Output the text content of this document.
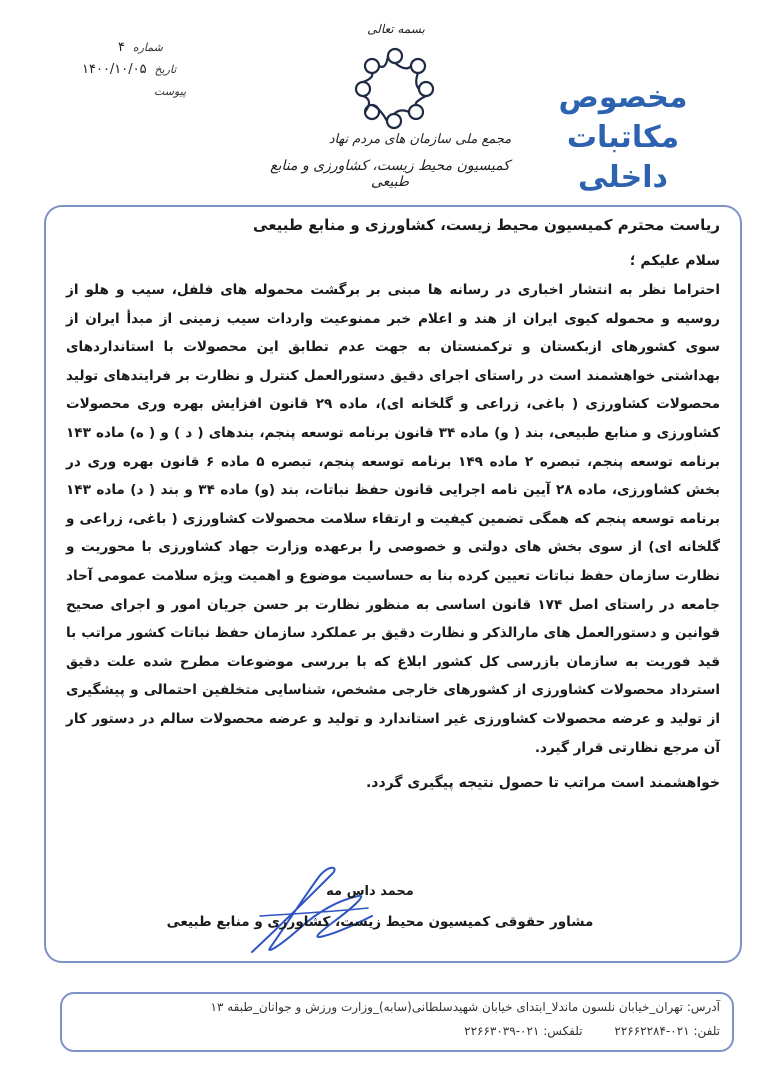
شماره ۴
تاریخ ۱۴۰۰/۱۰/۰۵
پیوست
بسمه تعالی
مجمع ملی سازمان های مردم نهاد
کمیسیون محیط زیست، کشاورزی و منابع طبیعی
مخصوص
مکاتبات داخلی
ریاست محترم کمیسیون محیط زیست، کشاورزی و منابع طبیعی
سلام علیکم ؛
احتراما نظر به انتشار اخباری در رسانه ها مبنی بر برگشت محموله های فلفل، سیب و هلو از روسیه و محموله کیوی ایران از هند و اعلام خبر ممنوعیت واردات سیب زمینی از مبدأ ایران از سوی کشورهای ازبکستان و ترکمنستان به جهت عدم تطابق این محصولات با استانداردهای بهداشتی خواهشمند است در راستای اجرای دقیق دستورالعمل کنترل و نظارت بر فرایندهای تولید محصولات کشاورزی ( باغی، زراعی و گلخانه ای)، ماده ۲۹ قانون افزایش بهره وری محصولات کشاورزی و منابع طبیعی، بند ( و) ماده ۳۴ قانون برنامه توسعه پنجم، بندهای ( د ) و ( ه) ماده ۱۴۳ برنامه توسعه پنجم، تبصره ۲ ماده ۱۴۹ برنامه توسعه پنجم، تبصره ۵ ماده ۶ قانون بهره وری در بخش کشاورزی، ماده ۲۸ آیین نامه اجرایی قانون حفظ نباتات، بند (و) ماده ۳۴ و بند ( د) ماده ۱۴۳ برنامه توسعه پنجم که همگی تضمین کیفیت و ارتقاء سلامت محصولات کشاورزی ( باغی، زراعی و گلخانه ای) از سوی بخش های دولتی و خصوصی را برعهده وزارت جهاد کشاورزی با محوریت و نظارت سازمان حفظ نباتات تعیین کرده بنا به حساسیت موضوع و اهمیت ویژه سلامت عمومی آحاد جامعه در راستای اصل ۱۷۴ قانون اساسی به منظور نظارت بر حسن جریان امور و اجرای صحیح قوانین و دستورالعمل های مارالذکر و نظارت دقیق بر عملکرد سازمان حفظ نباتات کشور مراتب با قید فوریت به سازمان بازرسی کل کشور ابلاغ که با بررسی موضوعات مطرح شده علت دقیق استرداد محصولات کشاورزی از کشورهای خارجی مشخص، شناسایی متخلفین احتمالی و پیشگیری از تولید و عرضه محصولات کشاورزی غیر استاندارد و تولید و عرضه محصولات سالم در دستور کار آن مرجع نظارتی قرار گیرد.
خواهشمند است مراتب تا حصول نتیجه پیگیری گردد.
محمد داس مه
مشاور حقوقی کمیسیون محیط زیست، کشاورزی و منابع طبیعی
آدرس: تهران_خیابان نلسون ماندلا_ابتدای خیابان شهیدسلطانی(سابه)_وزارت ورزش و جوانان_طبقه ۱۳
تلفن: ۰۲۱-۲۲۶۶۲۲۸۴ تلفکس: ۰۲۱-۲۲۶۶۳۰۳۹
